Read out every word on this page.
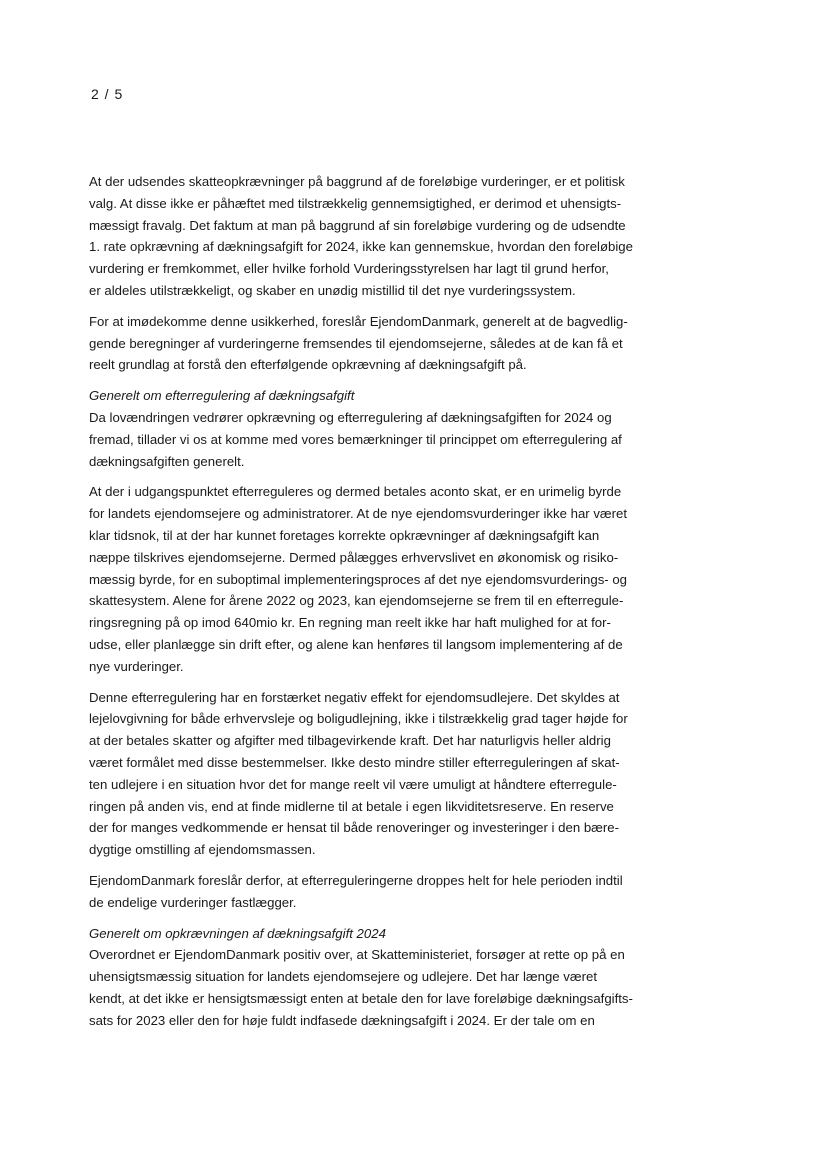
2 / 5

At der udsendes skatteopkrævninger på baggrund af de foreløbige vurderinger, er et politisk
valg. At disse ikke er påhæftet med tilstrækkelig gennemsigtighed, er derimod et uhensigts-
mæssigt fravalg. Det faktum at man på baggrund af sin foreløbige vurdering og de udsendte
1. rate opkrævning af dækningsafgift for 2024, ikke kan gennemskue, hvordan den foreløbige
vurdering er fremkommet, eller hvilke forhold Vurderingsstyrelsen har lagt til grund herfor,
er aldeles utilstrækkeligt, og skaber en unødig mistillid til det nye vurderingssystem.

For at imødekomme denne usikkerhed, foreslår EjendomDanmark, generelt at de bagvedlig-
gende beregninger af vurderingerne fremsendes til ejendomsejerne, således at de kan få et
reelt grundlag at forstå den efterfølgende opkrævning af dækningsafgift på.

Generelt om efterregulering af dækningsafgift
Da lovændringen vedrører opkrævning og efterregulering af dækningsafgiften for 2024 og
fremad, tillader vi os at komme med vores bemærkninger til princippet om efterregulering af
dækningsafgiften generelt.

At der i udgangspunktet efterreguleres og dermed betales aconto skat, er en urimelig byrde
for landets ejendomsejere og administratorer. At de nye ejendomsvurderinger ikke har været
klar tidsnok, til at der har kunnet foretages korrekte opkrævninger af dækningsafgift kan
næppe tilskrives ejendomsejerne. Dermed pålægges erhvervslivet en økonomisk og risiko-
mæssig byrde, for en suboptimal implementeringsproces af det nye ejendomsvurderings- og
skattesystem. Alene for årene 2022 og 2023, kan ejendomsejerne se frem til en efterregule-
ringsregning på op imod 640mio kr. En regning man reelt ikke har haft mulighed for at for-
udse, eller planlægge sin drift efter, og alene kan henføres til langsom implementering af de
nye vurderinger.

Denne efterregulering har en forstærket negativ effekt for ejendomsudlejere. Det skyldes at
lejelovgivning for både erhvervsleje og boligudlejning, ikke i tilstrækkelig grad tager højde for
at der betales skatter og afgifter med tilbagevirkende kraft. Det har naturligvis heller aldrig
været formålet med disse bestemmelser. Ikke desto mindre stiller efterreguleringen af skat-
ten udlejere i en situation hvor det for mange reelt vil være umuligt at håndtere efterregule-
ringen på anden vis, end at finde midlerne til at betale i egen likviditetsreserve. En reserve
der for manges vedkommende er hensat til både renoveringer og investeringer i den bære-
dygtige omstilling af ejendomsmassen.

EjendomDanmark foreslår derfor, at efterreguleringerne droppes helt for hele perioden indtil
de endelige vurderinger fastlægger.

Generelt om opkrævningen af dækningsafgift 2024
Overordnet er EjendomDanmark positiv over, at Skatteministeriet, forsøger at rette op på en
uhensigtsmæssig situation for landets ejendomsejere og udlejere. Det har længe været
kendt, at det ikke er hensigtsmæssigt enten at betale den for lave foreløbige dækningsafgifts-
sats for 2023 eller den for høje fuldt indfasede dækningsafgift i 2024. Er der tale om en
